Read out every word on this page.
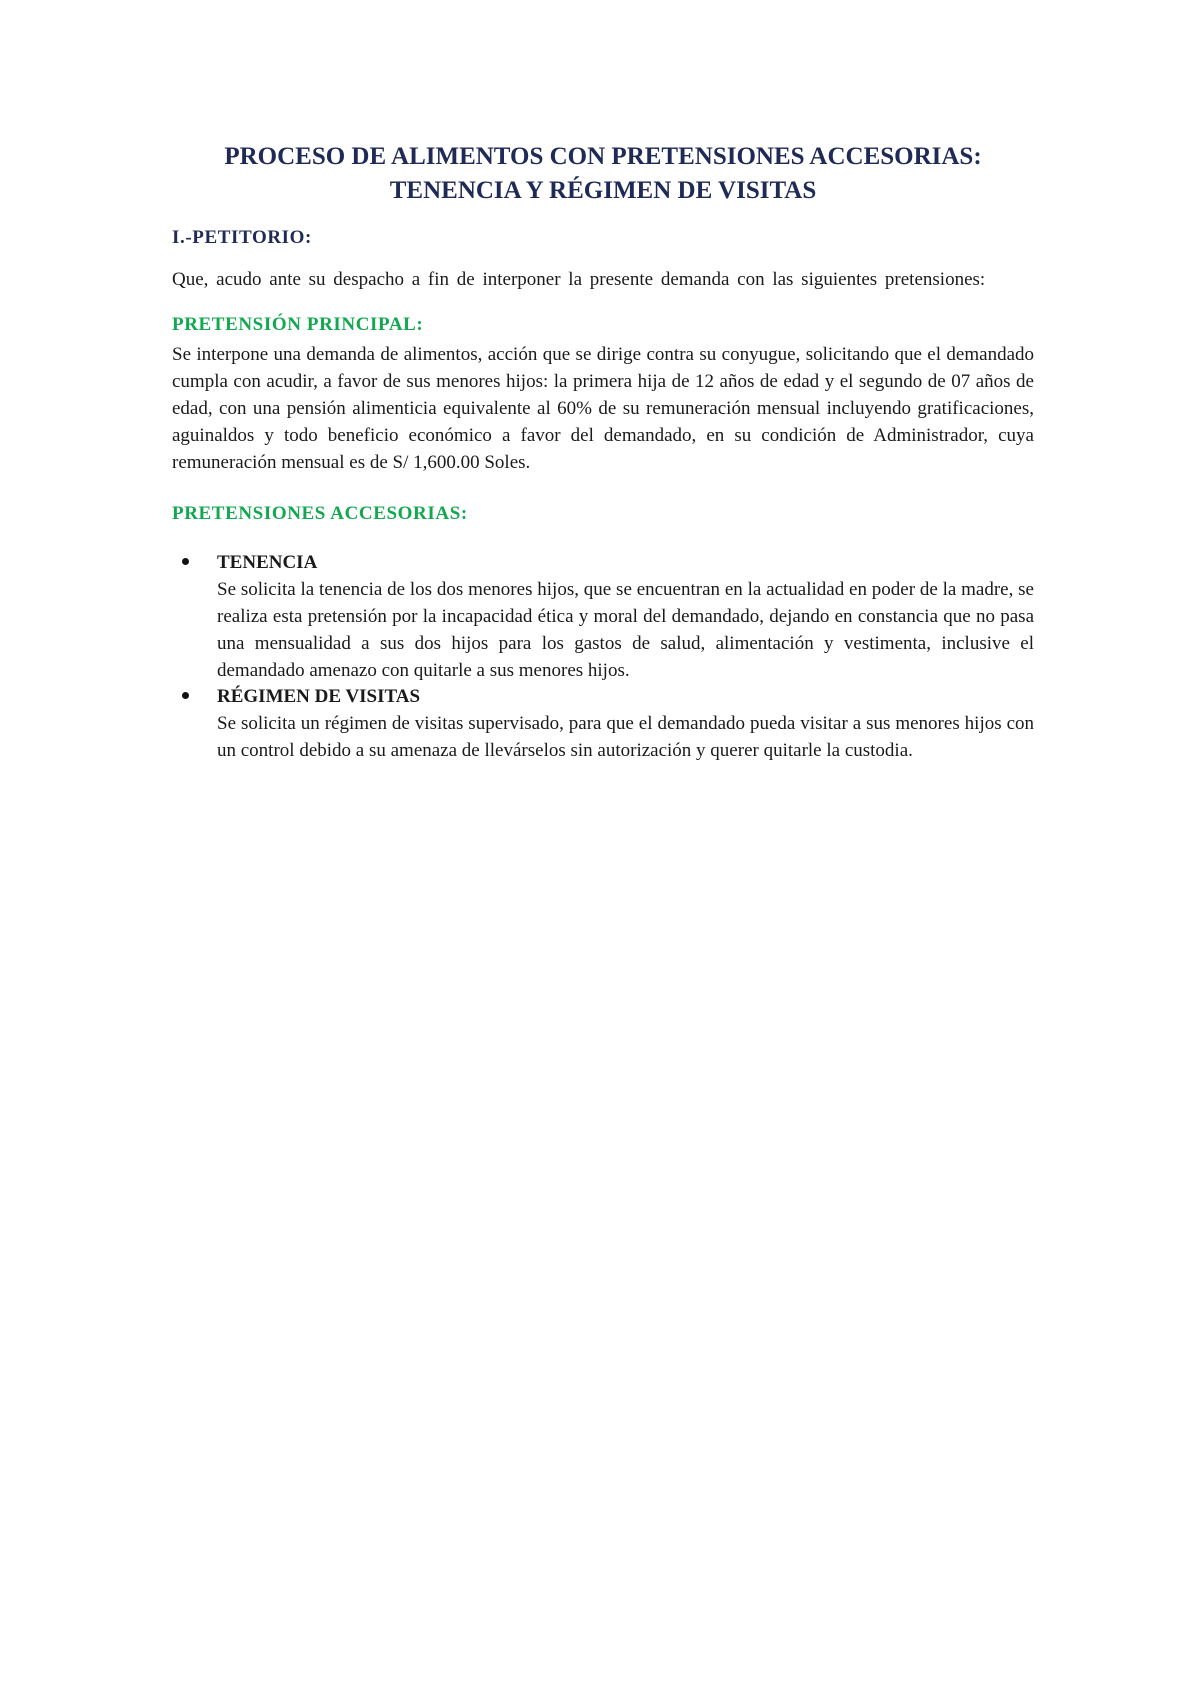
PROCESO DE ALIMENTOS CON PRETENSIONES ACCESORIAS:
TENENCIA Y RÉGIMEN DE VISITAS
I.-PETITORIO:

Que, acudo ante su despacho a fin de interponer la presente demanda con las siguientes pretensiones:

PRETENSIÓN PRINCIPAL:

Se interpone una demanda de alimentos, acción que se dirige contra su conyugue, solicitando que el demandado cumpla con acudir, a favor de sus menores hijos: la primera hija de 12 años de edad y el segundo de 07 años de edad, con una pensión alimenticia equivalente al 60% de su remuneración mensual incluyendo gratificaciones, aguinaldos y todo beneficio económico a favor del demandado, en su condición de Administrador, cuya remuneración mensual es de S/ 1,600.00 Soles.

PRETENSIONES ACCESORIAS:
TENENCIA

Se solicita la tenencia de los dos menores hijos, que se encuentran en la actualidad en poder de la madre, se realiza esta pretensión por la incapacidad ética y moral del demandado, dejando en constancia que no pasa una mensualidad a sus dos hijos para los gastos de salud, alimentación y vestimenta, inclusive el demandado amenazo con quitarle a sus menores hijos.

RÉGIMEN DE VISITAS

Se solicita un régimen de visitas supervisado, para que el demandado pueda visitar a sus menores hijos con un control debido a su amenaza de llevárselos sin autorización y querer quitarle la custodia.
